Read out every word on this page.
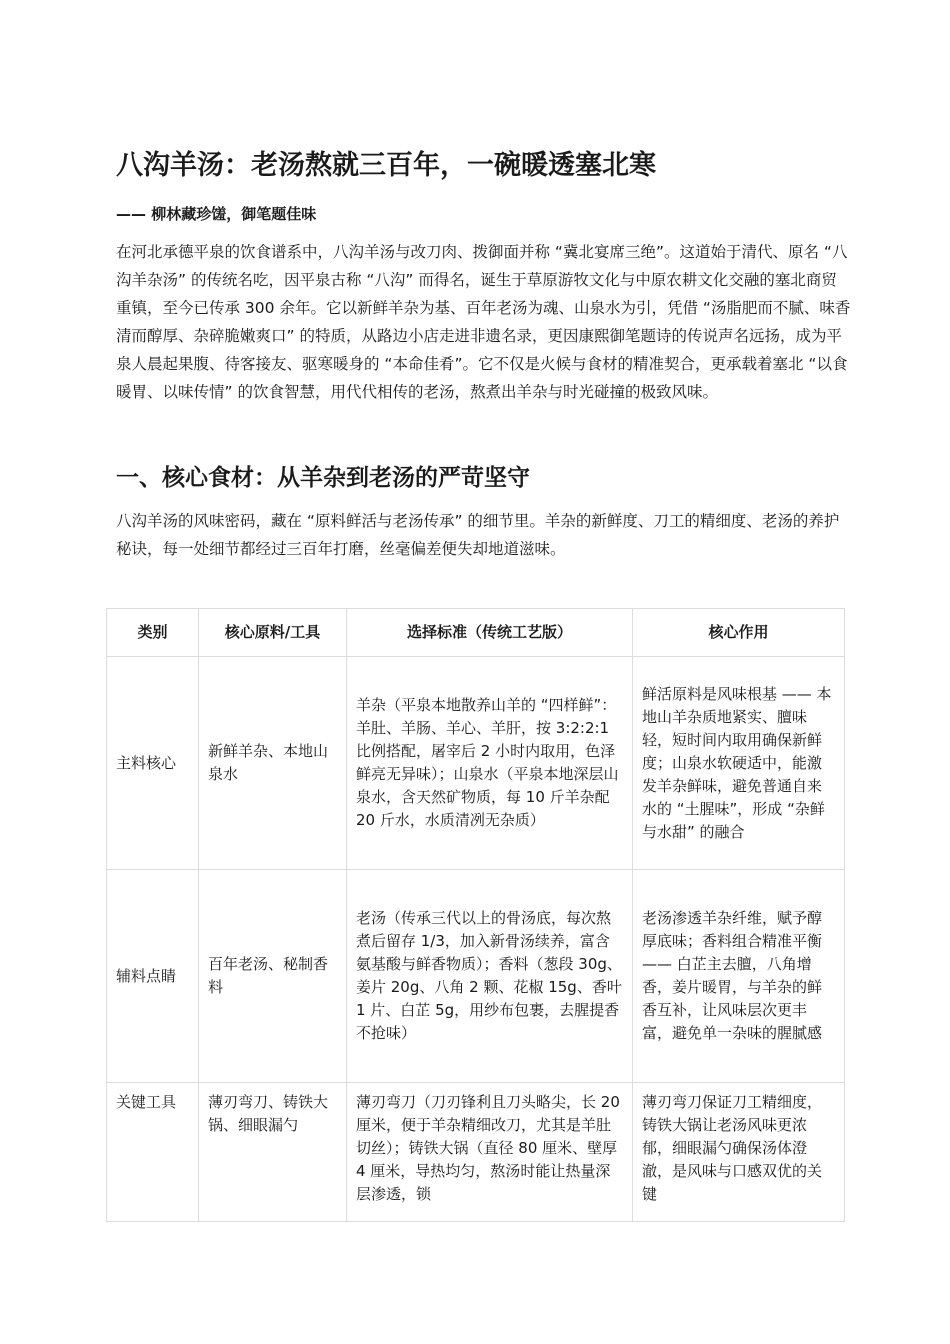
八沟羊汤：老汤熬就三百年，一碗暖透塞北寒

—— 柳林藏珍馐，御笔题佳味

在河北承德平泉的饮食谱系中，八沟羊汤与改刀肉、拨御面并称 “冀北宴席三绝”。这道始于清代、原名 “八沟羊杂汤” 的传统名吃，因平泉古称 “八沟” 而得名，诞生于草原游牧文化与中原农耕文化交融的塞北商贸重镇，至今已传承 300 余年。它以新鲜羊杂为基、百年老汤为魂、山泉水为引，凭借 “汤脂肥而不腻、味香清而醇厚、杂碎脆嫩爽口” 的特质，从路边小店走进非遗名录，更因康熙御笔题诗的传说声名远扬，成为平泉人晨起果腹、待客接友、驱寒暖身的 “本命佳肴”。它不仅是火候与食材的精准契合，更承载着塞北 “以食暖胃、以味传情” 的饮食智慧，用代代相传的老汤，熬煮出羊杂与时光碰撞的极致风味。

一、核心食材：从羊杂到老汤的严苛坚守

八沟羊汤的风味密码，藏在 “原料鲜活与老汤传承” 的细节里。羊杂的新鲜度、刀工的精细度、老汤的养护秘诀，每一处细节都经过三百年打磨，丝毫偏差便失却地道滋味。

类别	核心原料/工具	选择标准（传统工艺版）	核心作用
主料核心	新鲜羊杂、本地山泉水	羊杂（平泉本地散养山羊的 “四样鲜”：羊肚、羊肠、羊心、羊肝，按 3:2:2:1 比例搭配，屠宰后 2 小时内取用，色泽鲜亮无异味）；山泉水（平泉本地深层山泉水，含天然矿物质，每 10 斤羊杂配 20 斤水，水质清冽无杂质）	鲜活原料是风味根基 —— 本地山羊杂质地紧实、膻味轻，短时间内取用确保新鲜度；山泉水软硬适中，能激发羊杂鲜味，避免普通自来水的 “土腥味”，形成 “杂鲜与水甜” 的融合
辅料点睛	百年老汤、秘制香料	老汤（传承三代以上的骨汤底，每次熬煮后留存 1/3，加入新骨汤续养，富含氨基酸与鲜香物质）；香料（葱段 30g、姜片 20g、八角 2 颗、花椒 15g、香叶 1 片、白芷 5g，用纱布包裹，去腥提香不抢味）	老汤渗透羊杂纤维，赋予醇厚底味；香料组合精准平衡 —— 白芷主去膻，八角增香，姜片暖胃，与羊杂的鲜香互补，让风味层次更丰富，避免单一杂味的腥腻感
关键工具	薄刃弯刀、铸铁大锅、细眼漏勺	薄刃弯刀（刀刃锋利且刀头略尖，长 20 厘米，便于羊杂精细改刀，尤其是羊肚切丝）；铸铁大锅（直径 80 厘米、壁厚 4 厘米，导热均匀，熬汤时能让热量深层渗透，锁	薄刃弯刀保证刀工精细度，铸铁大锅让老汤风味更浓郁，细眼漏勺确保汤体澄澈，是风味与口感双优的关键
